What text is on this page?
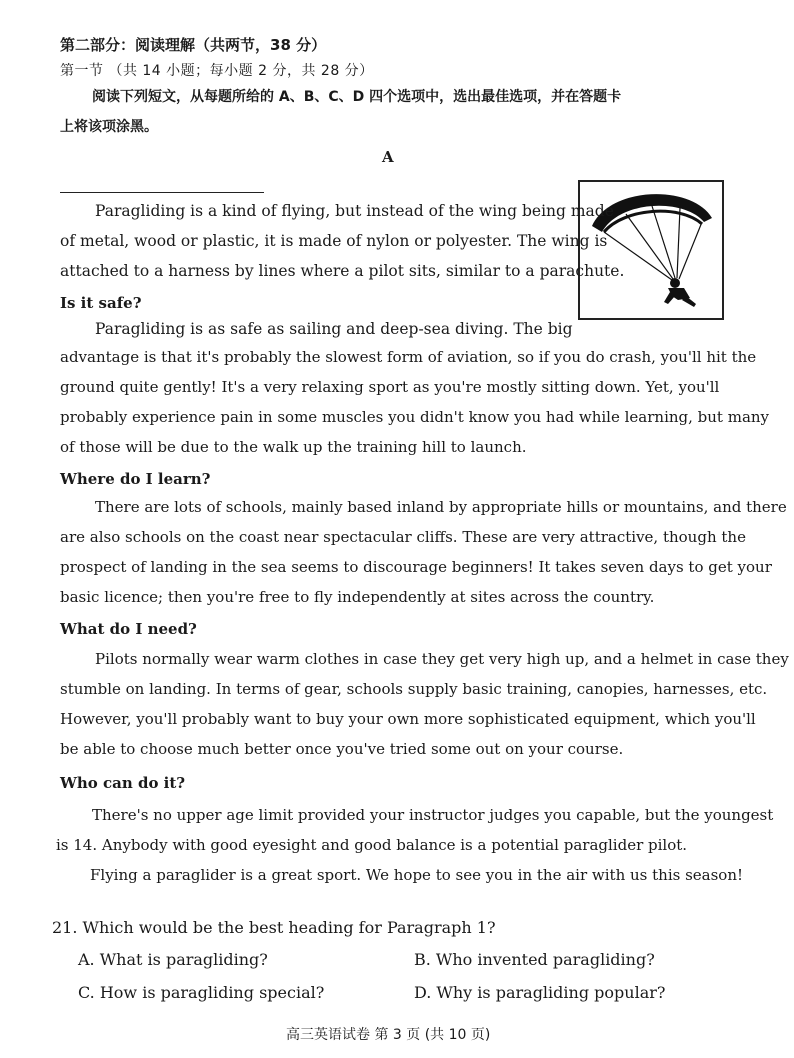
第二部分：阅读理解（共两节，38 分）
第一节 （共 14 小题；每小题 2 分，共 28 分）
阅读下列短文，从每题所给的 A、B、C、D 四个选项中，选出最佳选项，并在答题卡
上将该项涂黑。
A
Paragliding is a kind of flying, but instead of the wing being made
of metal, wood or plastic, it is made of nylon or polyester. The wing is
attached to a harness by lines where a pilot sits, similar to a parachute.
Is it safe?
Paragliding is as safe as sailing and deep-sea diving. The big
advantage is that it's probably the slowest form of aviation, so if you do crash, you'll hit the
ground quite gently! It's a very relaxing sport as you're mostly sitting down. Yet, you'll
probably experience pain in some muscles you didn't know you had while learning, but many
of those will be due to the walk up the training hill to launch.
Where do I learn?
There are lots of schools, mainly based inland by appropriate hills or mountains, and there
are also schools on the coast near spectacular cliffs. These are very attractive, though the
prospect of landing in the sea seems to discourage beginners! It takes seven days to get your
basic licence; then you're free to fly independently at sites across the country.
What do I need?
Pilots normally wear warm clothes in case they get very high up, and a helmet in case they
stumble on landing. In terms of gear, schools supply basic training, canopies, harnesses, etc.
However, you'll probably want to buy your own more sophisticated equipment, which you'll
be able to choose much better once you've tried some out on your course.
Who can do it?
There's no upper age limit provided your instructor judges you capable, but the youngest
is 14. Anybody with good eyesight and good balance is a potential paraglider pilot.
Flying a paraglider is a great sport. We hope to see you in the air with us this season!
21. Which would be the best heading for Paragraph 1?
A. What is paragliding?	B. Who invented paragliding?
C. How is paragliding special?	D. Why is paragliding popular?
高三英语试卷 第 3 页 (共 10 页)
